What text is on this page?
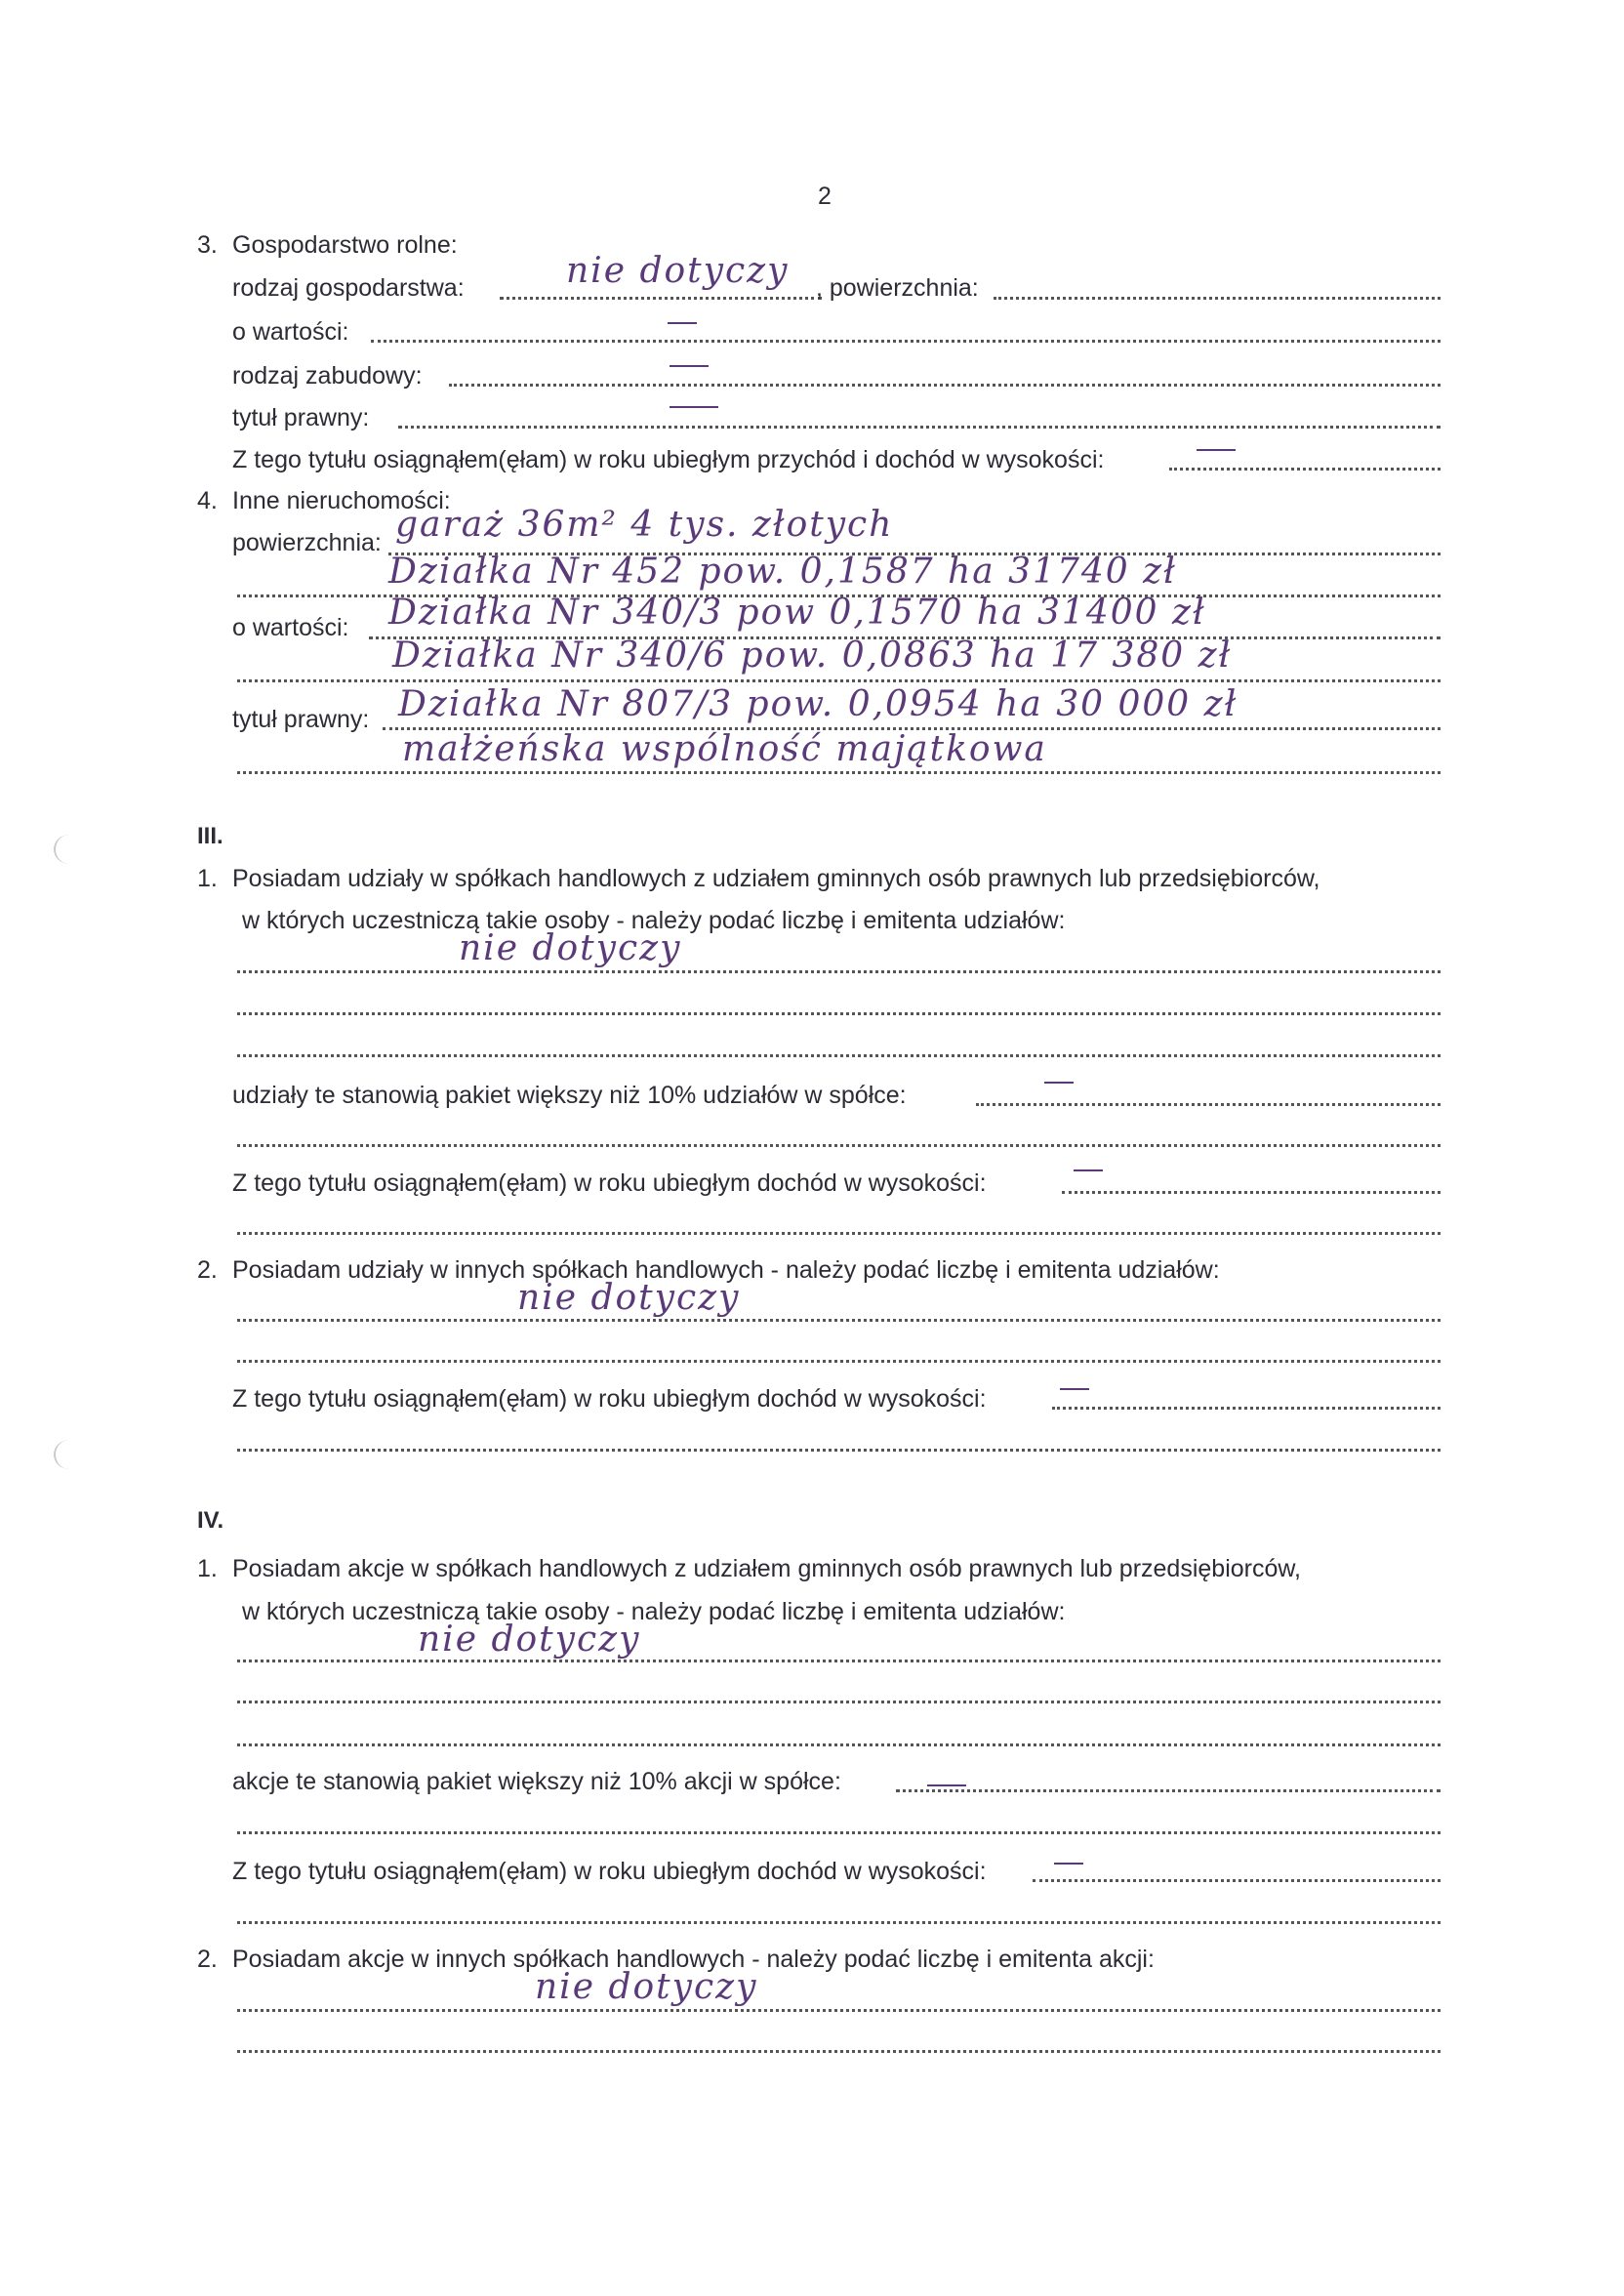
2
3. Gospodarstwo rolne:
rodzaj gospodarstwa:	nie dotyczy , powierzchnia:
o wartości:
rodzaj zabudowy:
tytuł prawny:
Z tego tytułu osiągnąłem(ęłam) w roku ubiegłym przychód i dochód w wysokości:
4. Inne nieruchomości:
powierzchnia: garaż 36m² 4 tys. złotych
Działka Nr 452 pow. 0,1587 ha 31740 zł
o wartości: Działka Nr 340/3 pow 0,1570 ha 31400 zł
Działka Nr 340/6 pow. 0,0863 ha 17 380 zł
tytuł prawny: Działka Nr 807/3 pow. 0,0954 ha 30 000 zł
małżeńska wspólność majątkowa
III.
1. Posiadam udziały w spółkach handlowych z udziałem gminnych osób prawnych lub przedsiębiorców,
w których uczestniczą takie osoby - należy podać liczbę i emitenta udziałów:
nie dotyczy
udziały te stanowią pakiet większy niż 10% udziałów w spółce:
Z tego tytułu osiągnąłem(ęłam) w roku ubiegłym dochód w wysokości:
2. Posiadam udziały w innych spółkach handlowych - należy podać liczbę i emitenta udziałów:
nie dotyczy
Z tego tytułu osiągnąłem(ęłam) w roku ubiegłym dochód w wysokości:
IV.
1. Posiadam akcje w spółkach handlowych z udziałem gminnych osób prawnych lub przedsiębiorców,
w których uczestniczą takie osoby - należy podać liczbę i emitenta udziałów:
nie dotyczy
akcje te stanowią pakiet większy niż 10% akcji w spółce:
Z tego tytułu osiągnąłem(ęłam) w roku ubiegłym dochód w wysokości:
2. Posiadam akcje w innych spółkach handlowych - należy podać liczbę i emitenta akcji:
nie dotyczy
